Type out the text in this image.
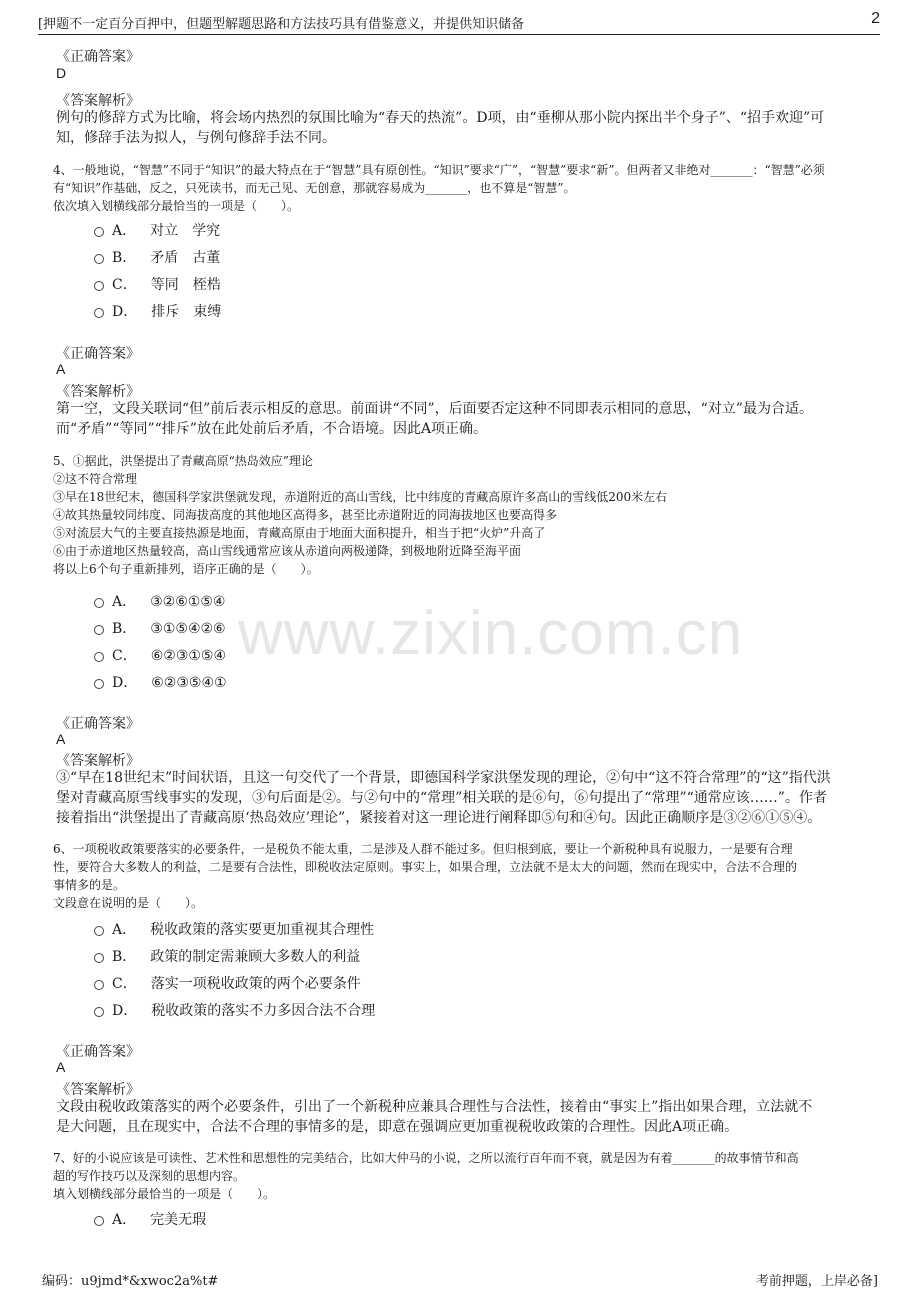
[押题不一定百分百押中，但题型解题思路和方法技巧具有借鉴意义，并提供知识储备	2
www.zixin.com.cn
《正确答案》
D
《答案解析》
例句的修辞方式为比喻，将会场内热烈的氛围比喻为“春天的热流”。D项，由“垂柳从那小院内探出半个身子”、“招手欢迎”可
知，修辞手法为拟人，与例句修辞手法不同。
4、一般地说，“智慧”不同于“知识”的最大特点在于“智慧”具有原创性。“知识”要求“广”，“智慧”要求“新”。但两者又非绝对_______：“智慧”必须
有“知识”作基础，反之，只死读书，而无己见、无创意，那就容易成为_______，也不算是“智慧”。
依次填入划横线部分最恰当的一项是（　　）。
A． 对立　学究
B． 矛盾　古董
C． 等同　桎梏
D． 排斥　束缚
《正确答案》
A
《答案解析》
第一空，文段关联词“但”前后表示相反的意思。前面讲“不同”，后面要否定这种不同即表示相同的意思，“对立”最为合适。
而“矛盾”“等同”“排斥”放在此处前后矛盾，不合语境。因此A项正确。
5、①据此，洪堡提出了青藏高原“热岛效应”理论
②这不符合常理
③早在18世纪末，德国科学家洪堡就发现，赤道附近的高山雪线，比中纬度的青藏高原许多高山的雪线低200米左右
④故其热量较同纬度、同海拔高度的其他地区高得多，甚至比赤道附近的同海拔地区也要高得多
⑤对流层大气的主要直接热源是地面，青藏高原由于地面大面积提升，相当于把“火炉”升高了
⑥由于赤道地区热量较高，高山雪线通常应该从赤道向两极递降，到极地附近降至海平面
将以上6个句子重新排列，语序正确的是（　　）。
A． ③②⑥①⑤④
B． ③①⑤④②⑥
C． ⑥②③①⑤④
D． ⑥②③⑤④①
《正确答案》
A
《答案解析》
③“早在18世纪末”时间状语，且这一句交代了一个背景，即德国科学家洪堡发现的理论，②句中“这不符合常理”的“这”指代洪
堡对青藏高原雪线事实的发现，③句后面是②。与②句中的“常理”相关联的是⑥句，⑥句提出了“常理”“通常应该……”。作者
接着指出“洪堡提出了青藏高原‘热岛效应’理论”，紧接着对这一理论进行阐释即⑤句和④句。因此正确顺序是③②⑥①⑤④。
6、一项税收政策要落实的必要条件，一是税负不能太重，二是涉及人群不能过多。但归根到底，要让一个新税种具有说服力，一是要有合理
性，要符合大多数人的利益，二是要有合法性，即税收法定原则。事实上，如果合理，立法就不是太大的问题，然而在现实中，合法不合理的
事情多的是。
文段意在说明的是（　　）。
A． 税收政策的落实要更加重视其合理性
B． 政策的制定需兼顾大多数人的利益
C． 落实一项税收政策的两个必要条件
D． 税收政策的落实不力多因合法不合理
《正确答案》
A
《答案解析》
文段由税收政策落实的两个必要条件，引出了一个新税种应兼具合理性与合法性，接着由“事实上”指出如果合理，立法就不
是大问题，且在现实中，合法不合理的事情多的是，即意在强调应更加重视税收政策的合理性。因此A项正确。
7、好的小说应该是可读性、艺术性和思想性的完美结合，比如大仲马的小说，之所以流行百年而不衰，就是因为有着_______的故事情节和高
超的写作技巧以及深刻的思想内容。
填入划横线部分最恰当的一项是（　　）。
A． 完美无瑕
编码：u9jmd*&xwoc2a%t#	考前押题，上岸必备]
